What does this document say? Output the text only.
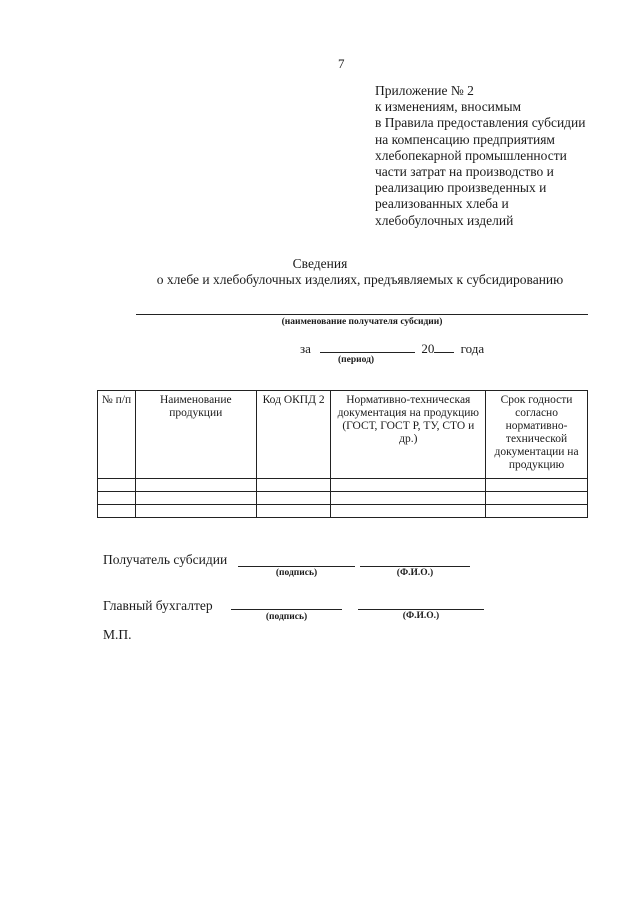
7
Приложение № 2
к изменениям, вносимым
в Правила предоставления субсидии
на компенсацию предприятиям
хлебопекарной промышленности
части затрат на производство и
реализацию произведенных и
реализованных хлеба и
хлебобулочных изделий
Сведения
о хлебе и хлебобулочных изделиях, предъявляемых к субсидированию
(наименование получателя субсидии)
за	20 года
(период)
№ п/п	Наименование продукции	Код ОКПД 2	Нормативно-техническая документация на продукцию (ГОСТ, ГОСТ Р, ТУ, СТО и др.)	Срок годности согласно нормативно-технической документации на продукцию

Получатель субсидии
(подпись)	(Ф.И.О.)
Главный бухгалтер
(подпись)	(Ф.И.О.)
М.П.
